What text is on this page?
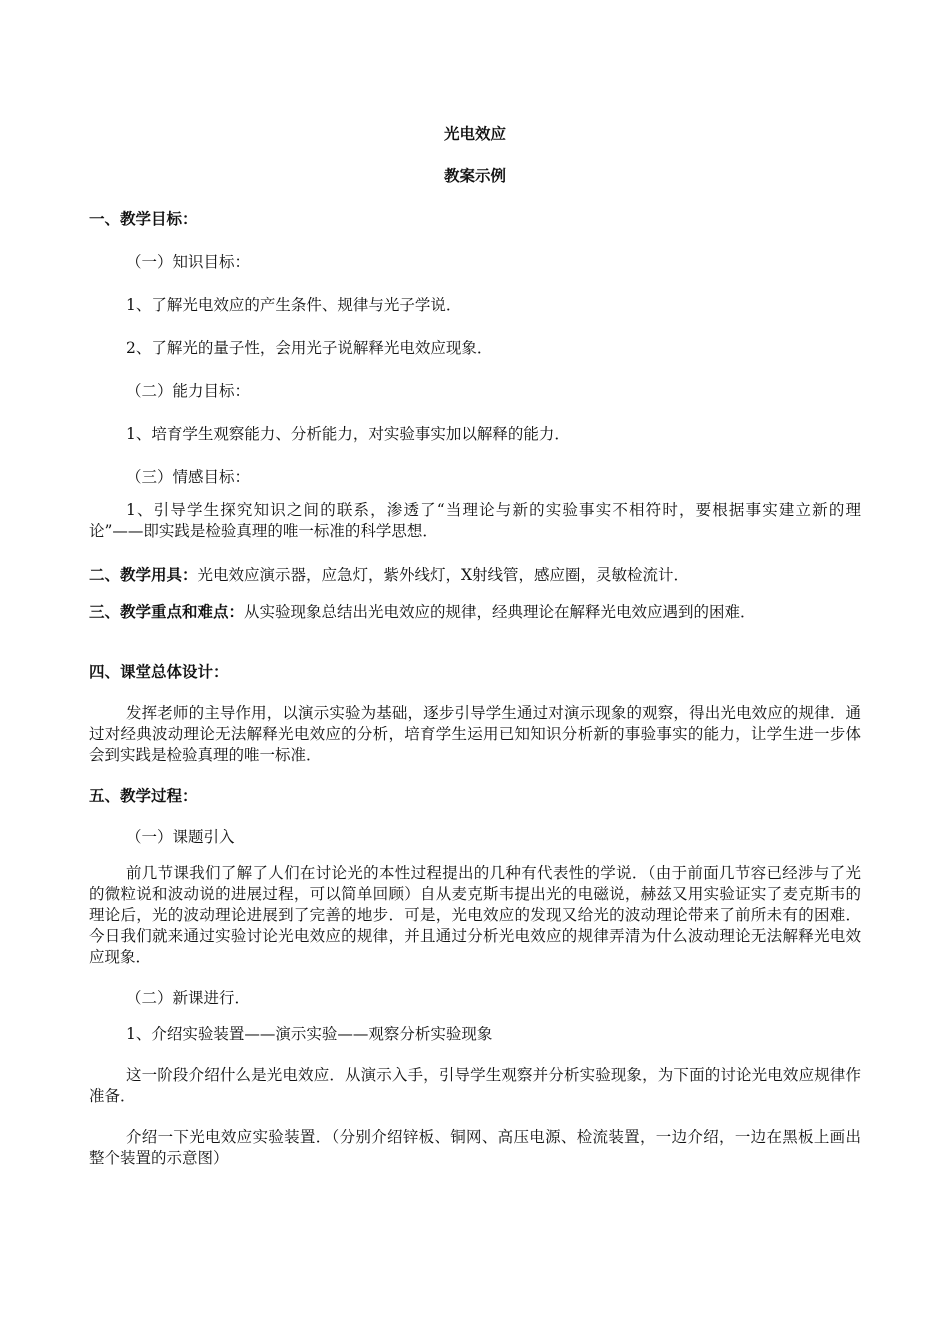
光电效应
教案示例
一、教学目标：
（一）知识目标：
1、了解光电效应的产生条件、规律与光子学说．
2、了解光的量子性，会用光子说解释光电效应现象．
（二）能力目标：
1、培育学生观察能力、分析能力，对实验事实加以解释的能力．
（三）情感目标：
1、引导学生探究知识之间的联系，渗透了“当理论与新的实验事实不相符时，要根据事实建立新的理论”——即实践是检验真理的唯一标准的科学思想．
二、教学用具：光电效应演示器，应急灯，紫外线灯，X射线管，感应圈，灵敏检流计．
三、教学重点和难点：从实验现象总结出光电效应的规律，经典理论在解释光电效应遇到的困难．
四、课堂总体设计：
发挥老师的主导作用，以演示实验为基础，逐步引导学生通过对演示现象的观察，得出光电效应的规律．通过对经典波动理论无法解释光电效应的分析，培育学生运用已知知识分析新的事验事实的能力，让学生进一步体会到实践是检验真理的唯一标准．
五、教学过程：
（一）课题引入
前几节课我们了解了人们在讨论光的本性过程提出的几种有代表性的学说．（由于前面几节容已经涉与了光的微粒说和波动说的进展过程，可以简单回顾）自从麦克斯韦提出光的电磁说，赫兹又用实验证实了麦克斯韦的理论后，光的波动理论进展到了完善的地步．可是，光电效应的发现又给光的波动理论带来了前所未有的困难．今日我们就来通过实验讨论光电效应的规律，并且通过分析光电效应的规律弄清为什么波动理论无法解释光电效应现象．
（二）新课进行．
1、介绍实验装置——演示实验——观察分析实验现象
这一阶段介绍什么是光电效应．从演示入手，引导学生观察并分析实验现象，为下面的讨论光电效应规律作准备．
介绍一下光电效应实验装置．（分别介绍锌板、铜网、高压电源、检流装置，一边介绍，一边在黑板上画出整个装置的示意图）
